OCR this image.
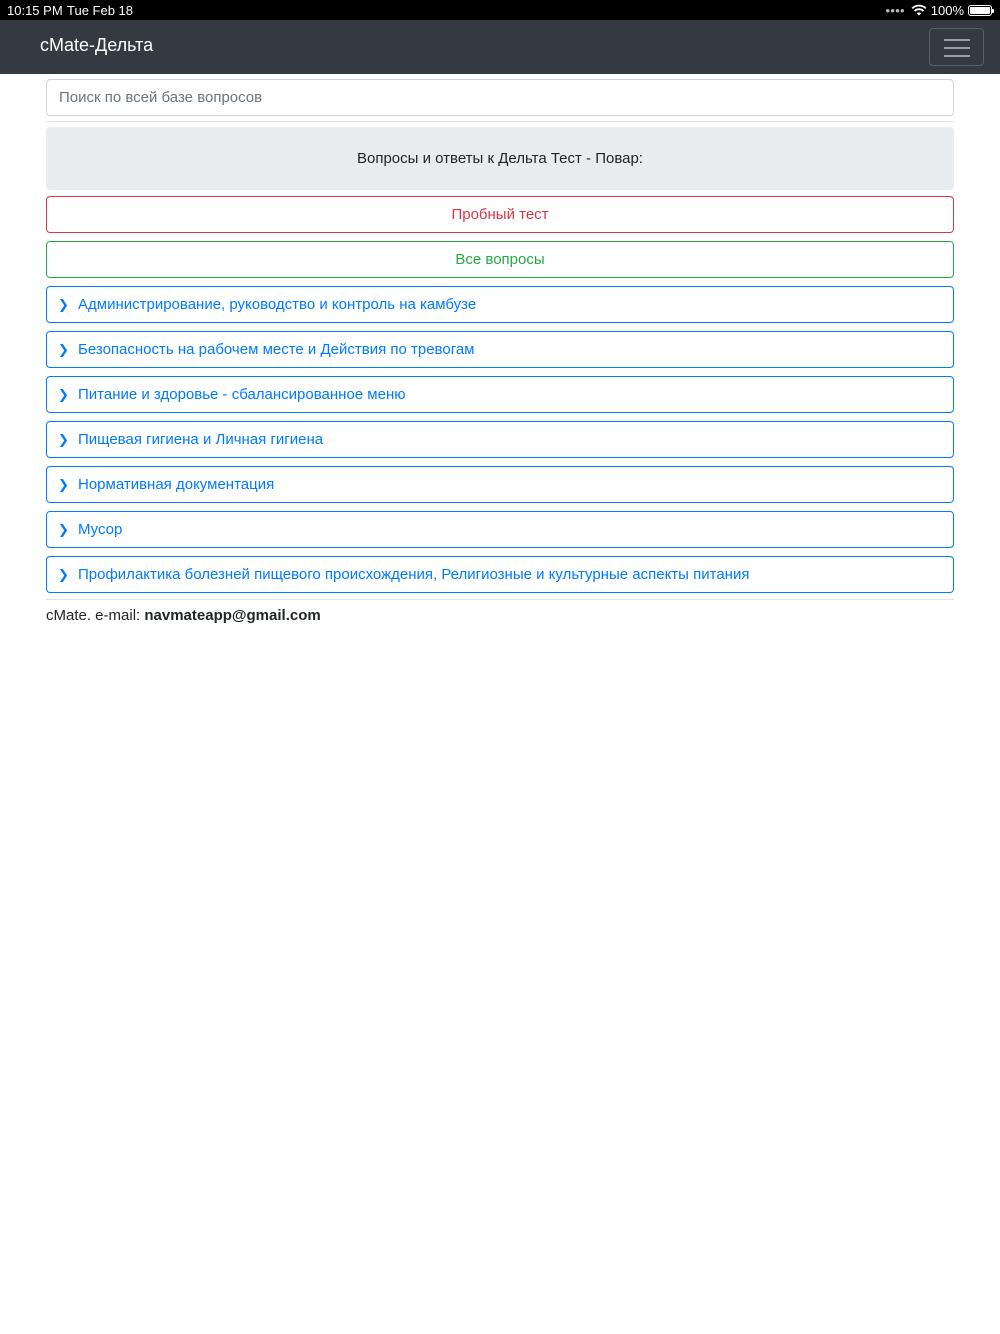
10:15 PM Tue Feb 18	●●●● 100%
cMate-Дельта
Поиск по всей базе вопросов
Вопросы и ответы к Дельта Тест - Повар:
Пробный тест
Все вопросы
❯ Администрирование, руководство и контроль на камбузе
❯ Безопасность на рабочем месте и Действия по тревогам
❯ Питание и здоровье - сбалансированное меню
❯ Пищевая гигиена и Личная гигиена
❯ Нормативная документация
❯ Мусор
❯ Профилактика болезней пищевого происхождения, Религиозные и культурные аспекты питания
cMate. e-mail: navmateapp@gmail.com
